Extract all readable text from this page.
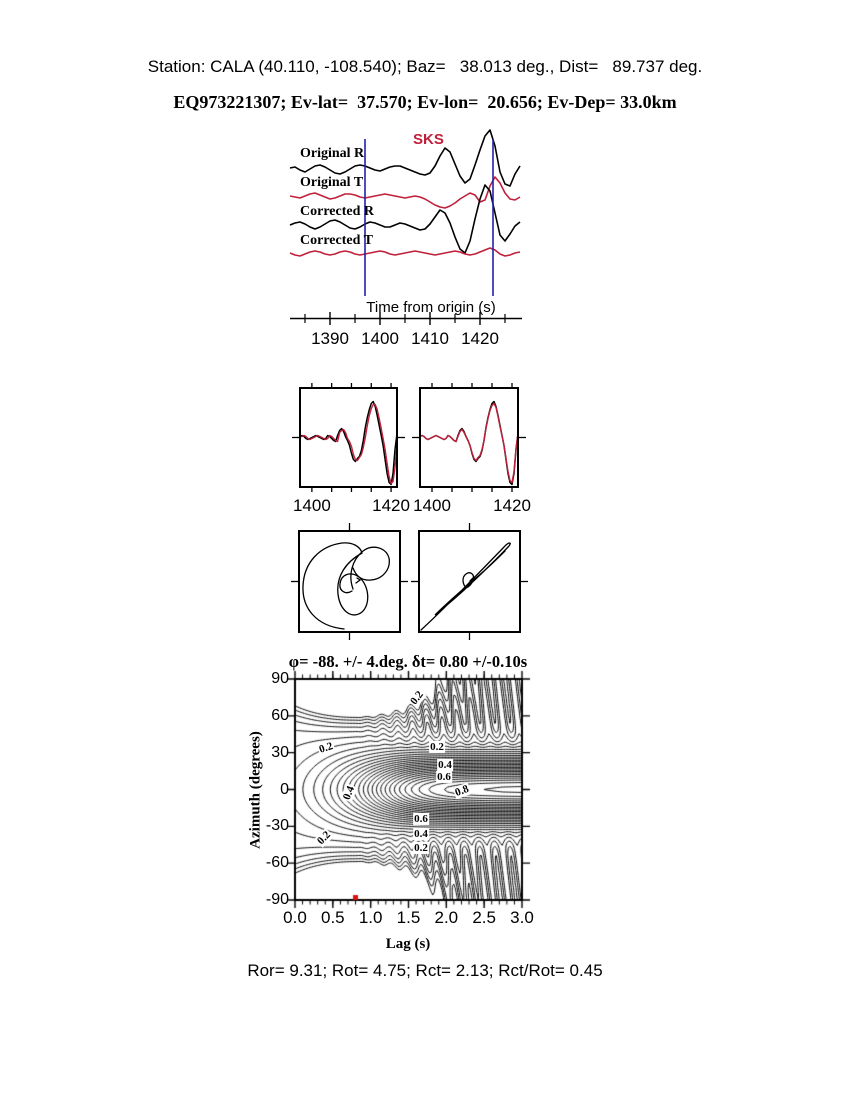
Station: CALA (40.110, -108.540); Baz=   38.013 deg., Dist=   89.737 deg.
EQ973221307; Ev-lat=  37.570; Ev-lon=  20.656; Ev-Dep= 33.0km
SKS
Original R
Original T
Corrected R
Corrected T
Time from origin (s)
φ= -88. +/- 4.deg. δt= 0.80 +/-0.10s
Azimuth (degrees)
Lag (s)
Ror= 9.31; Rot= 4.75; Rct= 2.13; Rct/Rot= 0.45
1390 1400 1410 1420
1400 1420 1400 1420
0.0 0.5 1.0 1.5 2.0 2.5 3.0
90
60
30
0
-30
-60
-90
0.2
0.2	0.2
0.4
0.6
0.8
0.4
0.6
0.4
0.2
0.2
